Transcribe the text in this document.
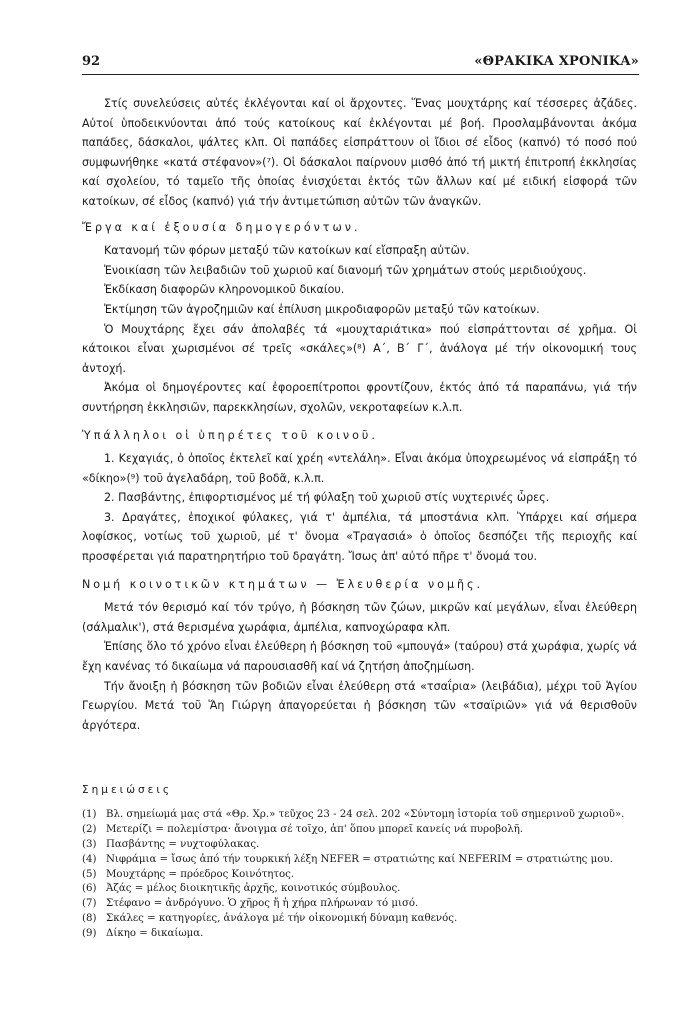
92	«ΘΡΑΚΙΚΑ ΧΡΟΝΙΚΑ»

Στίς συνελεύσεις αὐτές ἐκλέγονται καί οἱ ἄρχοντες. Ἕνας μουχτάρης καί τέσσερες ἀζάδες. Αὐτοί ὑποδεικνύονται ἀπό τούς κατοίκους καί ἐκλέγονται μέ βοή. Προσλαμβάνονται ἀκόμα παπάδες, δάσκαλοι, ψάλτες κλπ. Οἱ παπάδες εἰσπράττουν οἱ ἴδιοι σέ εἶδος (καπνό) τό ποσό πού συμφωνήθηκε «κατά στέφανον»(⁷). Οἱ δάσκαλοι παίρνουν μισθό ἀπό τή μικτή ἐπιτροπή ἐκκλησίας καί σχολείου, τό ταμεῖο τῆς ὁποίας ἐνισχύεται ἐκτός τῶν ἄλλων καί μέ ειδική εἰσφορά τῶν κατοίκων, σέ εἶδος (καπνό) γιά τήν ἀντιμετώπιση αὐτῶν τῶν ἀναγκῶν.

Ἔργα καί ἐξουσία δημογερόντων.

Κατανομή τῶν φόρων μεταξύ τῶν κατοίκων καί εἴσπραξη αὐτῶν.

Ἐνοικίαση τῶν λειβαδιῶν τοῦ χωριοῦ καί διανομή τῶν χρημάτων στούς μεριδιούχους.

Ἐκδίκαση διαφορῶν κληρονομικοῦ δικαίου.

Ἐκτίμηση τῶν ἀγροζημιῶν καί ἐπίλυση μικροδιαφορῶν μεταξύ τῶν κατοίκων.

Ὁ Μουχτάρης ἔχει σάν ἀπολαβές τά «μουχταριάτικα» πού εἰσπράττονται σέ χρῆμα. Οἱ κάτοικοι εἶναι χωρισμένοι σέ τρεῖς «σκάλες»(⁸) Α΄, Β΄ Γ΄, ἀνάλογα μέ τήν οἰκονομική τους ἀντοχή.

Ἀκόμα οἱ δημογέροντες καί ἐφοροεπίτροποι φροντίζουν, ἐκτός ἀπό τά παραπάνω, γιά τήν συντήρηση ἐκκλησιῶν, παρεκκλησίων, σχολῶν, νεκροταφείων κ.λ.π.

Ὑπάλληλοι οἱ ὑπηρέτες τοῦ κοινοῦ.

1. Κεχαγιάς, ὁ ὁποῖος ἐκτελεῖ καί χρέη «ντελάλη». Εἶναι ἀκόμα ὑποχρεωμένος νά εἰσπράξη τό «δίκηο»(⁹) τοῦ ἀγελαδάρη, τοῦ βοδᾶ, κ.λ.π.

2. Πασβάντης, ἐπιφορτισμένος μέ τή φύλαξη τοῦ χωριοῦ στίς νυχτερινές ὧρες.

3. Δραγάτες, ἐποχικοί φύλακες, γιά τ' ἀμπέλια, τά μποστάνια κλπ. Ὑπάρχει καί σήμερα λοφίσκος, νοτίως τοῦ χωριοῦ, μέ τ' ὄνομα «Τραγασιά» ὁ ὁποῖος δεσπόζει τῆς περιοχῆς καί προσφέρεται γιά παρατηρητήριο τοῦ δραγάτη. Ἴσως ἀπ' αὐτό πῆρε τ' ὄνομά του.

Νομή κοινοτικῶν κτημάτων — Ἐλευθερία νομῆς.

Μετά τόν θερισμό καί τόν τρύγο, ἡ βόσκηση τῶν ζώων, μικρῶν καί μεγάλων, εἶναι ἐλεύθερη (σάλμαλικ'), στά θερισμένα χωράφια, ἀμπέλια, καπνοχώραφα κλπ.

Ἐπίσης ὅλο τό χρόνο εἶναι ἐλεύθερη ἡ βόσκηση τοῦ «μπουγά» (ταύρου) στά χωράφια, χωρίς νά ἔχη κανένας τό δικαίωμα νά παρουσιασθῆ καί νά ζητήση ἀποζημίωση.

Τήν ἄνοιξη ἡ βόσκηση τῶν βοδιῶν εἶναι ἐλεύθερη στά «τσαΐρια» (λειβάδια), μέχρι τοῦ Ἁγίου Γεωργίου. Μετά τοῦ Ἅη Γιώργη ἀπαγορεύεται ἡ βόσκηση τῶν «τσαϊριῶν» γιά νά θερισθοῦν ἀργότερα.

Σημειώσεις
(1) Βλ. σημείωμά μας στά «Θρ. Χρ.» τεῦχος 23 - 24 σελ. 202 «Σύντομη ἱστορία τοῦ σημερινοῦ χωριοῦ».
(2) Μετερίζι = πολεμίστρα· ἄνοιγμα σέ τοῖχο, ἀπ' ὅπου μπορεῖ κανείς νά πυροβολῆ.
(3) Πασβάντης = νυχτοφύλακας.
(4) Νιφράμια = ἴσως ἀπό τήν τουρκική λέξη NEFER = στρατιώτης καί NEFERIM = στρατιώτης μου.
(5) Μουχτάρης = πρόεδρος Κοινότητος.
(6) Ἀζάς = μέλος διοικητικῆς ἀρχῆς, κοινοτικός σύμβουλος.
(7) Στέφανο = ἀνδρόγυνο. Ὁ χῆρος ἤ ἡ χήρα πλήρωναν τό μισό.
(8) Σκάλες = κατηγορίες, ἀνάλογα μέ τήν οἰκονομική δύναμη καθενός.
(9) Δίκηο = δικαίωμα.
